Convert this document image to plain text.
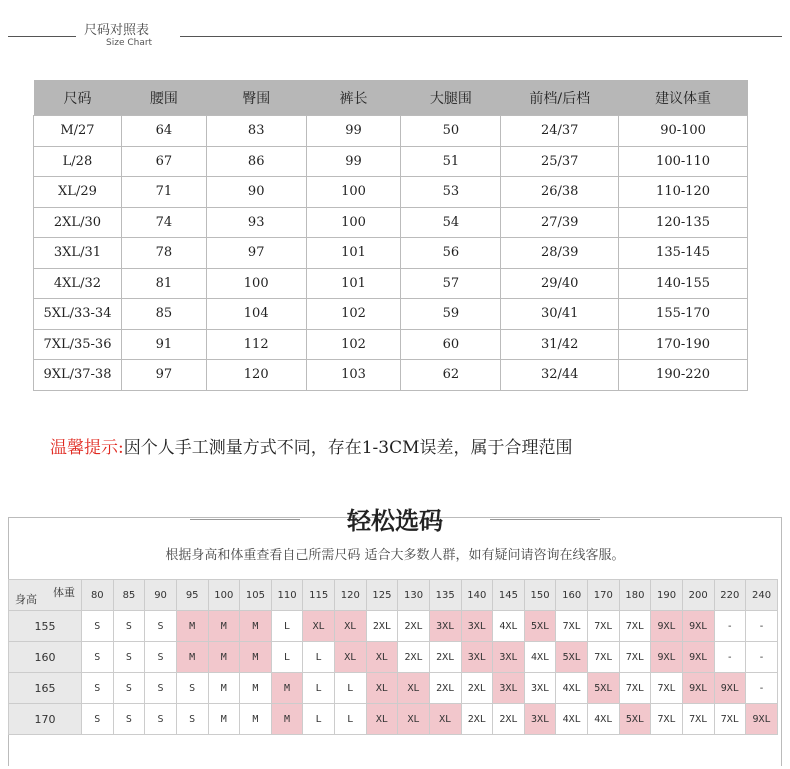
尺码对照表
Size Chart
尺码	腰围	臀围	裤长	大腿围	前档/后档	建议体重
M/27	64	83	99	50	24/37	90-100
L/28	67	86	99	51	25/37	100-110
XL/29	71	90	100	53	26/38	110-120
2XL/30	74	93	100	54	27/39	120-135
3XL/31	78	97	101	56	28/39	135-145
4XL/32	81	100	101	57	29/40	140-155
5XL/33-34	85	104	102	59	30/41	155-170
7XL/35-36	91	112	102	60	31/42	170-190
9XL/37-38	97	120	103	62	32/44	190-220
温馨提示:因个人手工测量方式不同，存在1-3CM误差，属于合理范围
轻松选码
根据身高和体重查看自己所需尺码 适合大多数人群，如有疑问请咨询在线客服。
体重
身高	80	85	90	95	100	105	110	115	120	125	130	135	140	145	150	160	170	180	190	200	220	240
155	S	S	S	M	M	M	L	XL	XL	2XL	2XL	3XL	3XL	4XL	5XL	7XL	7XL	7XL	9XL	9XL	-	-
160	S	S	S	M	M	M	L	L	XL	XL	2XL	2XL	3XL	3XL	4XL	5XL	7XL	7XL	9XL	9XL	-	-
165	S	S	S	S	M	M	M	L	L	XL	XL	2XL	2XL	3XL	3XL	4XL	5XL	7XL	7XL	9XL	9XL	-
170	S	S	S	S	M	M	M	L	L	XL	XL	XL	2XL	2XL	3XL	4XL	4XL	5XL	7XL	7XL	7XL	9XL
